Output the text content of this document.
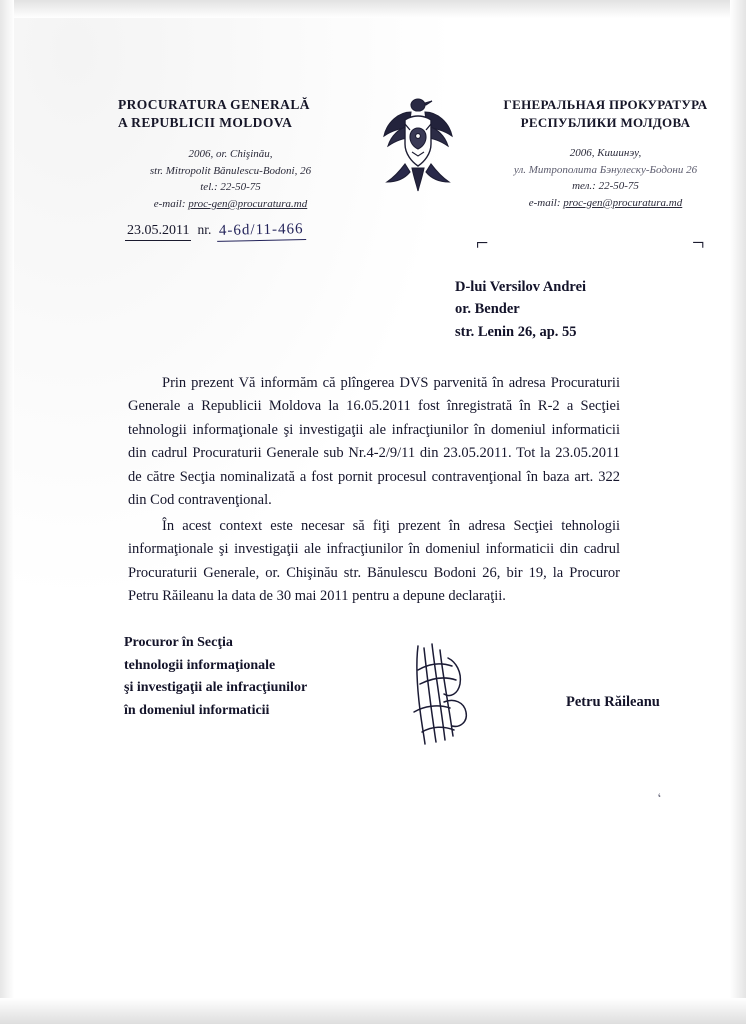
PROCURATURA GENERALĂ
A REPUBLICII MOLDOVA
2006, or. Chişinău,
str. Mitropolit Bănulescu-Bodoni, 26
tel.: 22-50-75
e-mail: proc-gen@procuratura.md
ГЕНЕРАЛЬНАЯ ПРОКУРАТУРА
РЕСПУБЛИКИ МОЛДОВА
2006, Кишинэу,
ул. Митрополита Бэнулеску-Бодони 26
тел.: 22-50-75
e-mail: proc-gen@procuratura.md
23.05.2011 nr. 4-6d/11-466	⌐	¬
D-lui Versilov Andrei
or. Bender
str. Lenin 26, ap. 55

Prin prezent Vă informăm că plîngerea DVS parvenită în adresa Procuraturii Generale a Republicii Moldova la 16.05.2011 fost înregistrată în R-2 a Secţiei tehnologii informaţionale şi investigaţii ale infracţiunilor în domeniul informaticii din cadrul Procuraturii Generale sub Nr.4-2/9/11 din 23.05.2011. Tot la 23.05.2011 de către Secţia nominalizată a fost pornit procesul contravenţional în baza art. 322 din Cod contravenţional.

În acest context este necesar să fiţi prezent în adresa Secţiei tehnologii informaţionale şi investigaţii ale infracţiunilor în domeniul informaticii din cadrul Procuraturii Generale, or. Chişinău str. Bănulescu Bodoni 26, bir 19, la Procuror Petru Răileanu la data de 30 mai 2011 pentru a depune declaraţii.

Procuror în Secţia
tehnologii informaţionale
şi investigaţii ale infracţiunilor
în domeniul informaticii
Petru Răileanu
ʻ
